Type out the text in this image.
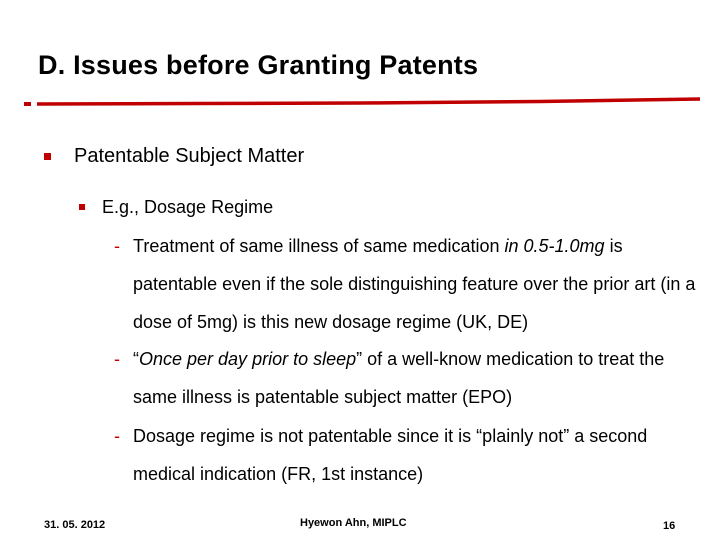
D. Issues before Granting Patents
Patentable Subject Matter
E.g., Dosage Regime
- Treatment of same illness of same medication in 0.5-1.0mg is patentable even if the sole distinguishing feature over the prior art (in a dose of 5mg) is this new dosage regime (UK, DE)
- “Once per day prior to sleep” of a well-know medication to treat the same illness is patentable subject matter (EPO)
- Dosage regime is not patentable since it is “plainly not” a second medical indication (FR, 1st instance)
31. 05. 2012	Hyewon Ahn, MIPLC	16
